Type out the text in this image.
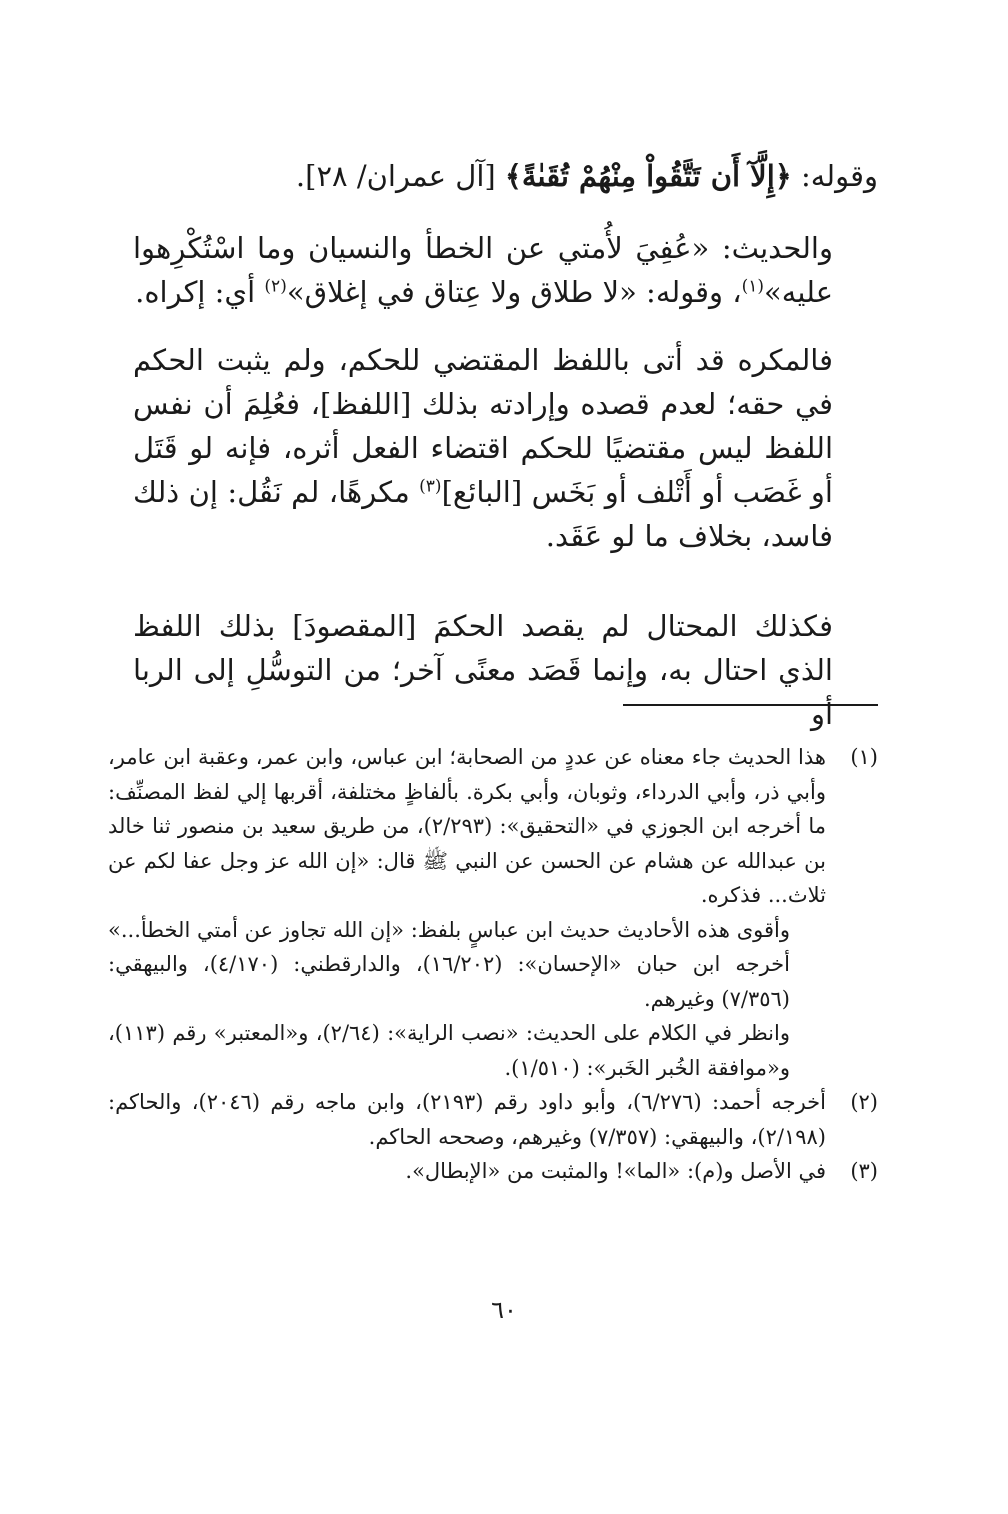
وقوله: ﴿إِلَّآ أَن تَتَّقُواْ مِنْهُمْ تُقَىٰةً﴾ [آل عمران/ ٢٨].

والحديث: «عُفِيَ لأُمتي عن الخطأ والنسيان وما اسْتُكْرِهوا عليه»$^{(١)}$، وقوله: «لا طلاق ولا عِتاق في إغلاق»$^{(٢)}$ أي: إكراه.

فالمكره قد أتى باللفظ المقتضي للحكم، ولم يثبت الحكم في حقه؛ لعدم قصده وإرادته بذلك [اللفظ]، فعُلِمَ أن نفس اللفظ ليس مقتضيًا للحكم اقتضاء الفعل أثره، فإنه لو قَتَل أو غَصَب أو أَتْلف أو بَخَس [البائع]$^{(٣)}$ مكرهًا، لم نَقُل: إن ذلك فاسد، بخلاف ما لو عَقَد.

فكذلك المحتال لم يقصد الحكمَ [المقصودَ] بذلك اللفظ الذي احتال به، وإنما قَصَد معنًى آخر؛ من التوسُّلِ إلى الربا أو

(١)

هذا الحديث جاء معناه عن عددٍ من الصحابة؛ ابن عباس، وابن عمر، وعقبة ابن عامر، وأبي ذر، وأبي الدرداء، وثوبان، وأبي بكرة. بألفاظٍ مختلفة، أقربها إلي لفظ المصنِّف: ما أخرجه ابن الجوزي في «التحقيق»: (٢/٢٩٣)، من طريق سعيد بن منصور ثنا خالد بن عبدالله عن هشام عن الحسن عن النبي ﷺ قال: «إن الله عز وجل عفا لكم عن ثلاث... فذكره.

وأقوى هذه الأحاديث حديث ابن عباسٍ بلفظ: «إن الله تجاوز عن أمتي الخطأ...» أخرجه ابن حبان «الإحسان»: (١٦/٢٠٢)، والدارقطني: (٤/١٧٠)، والبيهقي: (٧/٣٥٦) وغيرهم.

وانظر في الكلام على الحديث: «نصب الراية»: (٢/٦٤)، و«المعتبر» رقم (١١٣)، و«موافقة الخُبر الخَبر»: (١/٥١٠).

(٢)

أخرجه أحمد: (٦/٢٧٦)، وأبو داود رقم (٢١٩٣)، وابن ماجه رقم (٢٠٤٦)، والحاكم: (٢/١٩٨)، والبيهقي: (٧/٣٥٧) وغيرهم، وصححه الحاكم.

(٣)

في الأصل و(م): «الما»! والمثبت من «الإبطال».

٦٠
